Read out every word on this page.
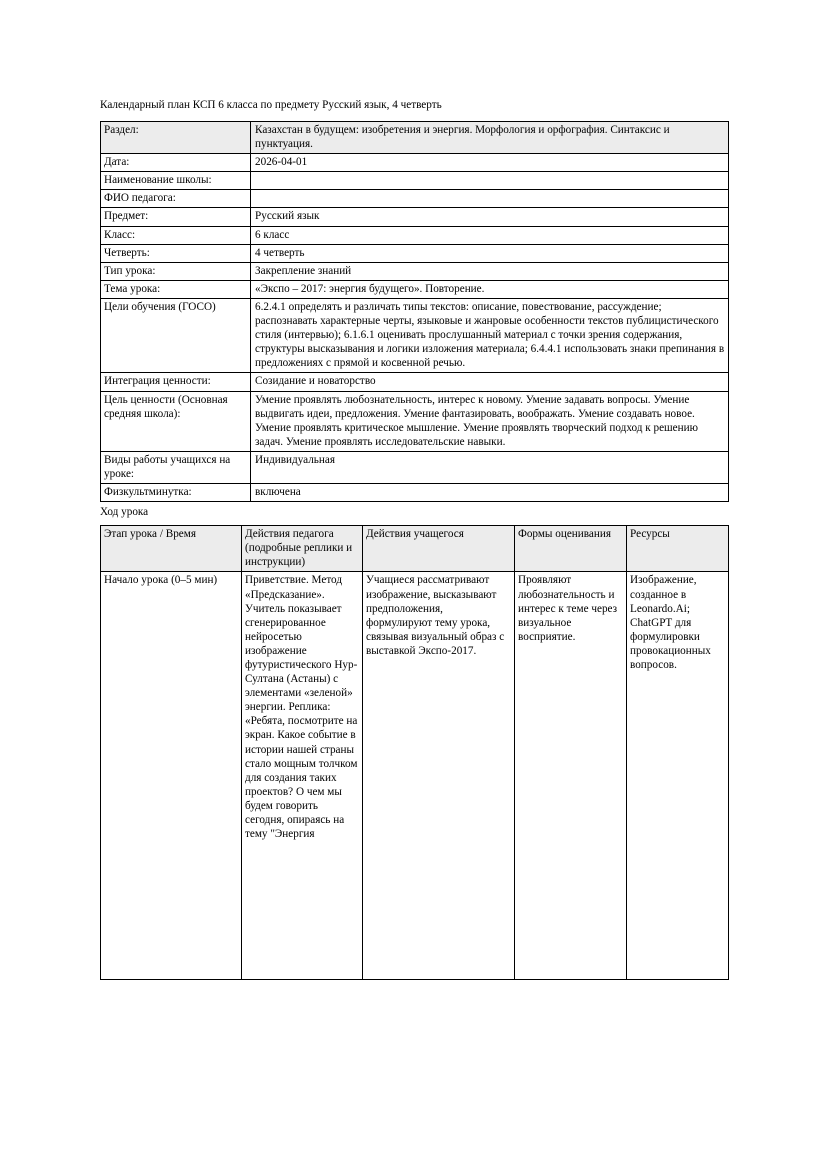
Календарный план КСП 6 класса по предмету Русский язык, 4 четверть
Раздел:	Казахстан в будущем: изобретения и энергия. Морфология и орфография. Синтаксис и пунктуация.
Дата:	2026-04-01
Наименование школы:	
ФИО педагога:	
Предмет:	Русский язык
Класс:	6 класс
Четверть:	4 четверть
Тип урока:	Закрепление знаний
Тема урока:	«Экспо – 2017: энергия будущего». Повторение.
Цели обучения (ГОСО)	6.2.4.1 определять и различать типы текстов: описание, повествование, рассуждение; распознавать характерные черты, языковые и жанровые особенности текстов публицистического стиля (интервью); 6.1.6.1 оценивать прослушанный материал с точки зрения содержания, структуры высказывания и логики изложения материала; 6.4.4.1 использовать знаки препинания в предложениях с прямой и косвенной речью.
Интеграция ценности:	Созидание и новаторство
Цель ценности (Основная средняя школа):	Умение проявлять любознательность, интерес к новому. Умение задавать вопросы. Умение выдвигать идеи, предложения. Умение фантазировать, воображать. Умение создавать новое. Умение проявлять критическое мышление. Умение проявлять творческий подход к решению задач. Умение проявлять исследовательские навыки.
Виды работы учащихся на уроке:	Индивидуальная
Физкультминутка:	включена
Ход урока
Этап урока / Время	Действия педагога (подробные реплики и инструкции)	Действия учащегося	Формы оценивания	Ресурсы
Начало урока (0–5 мин)	Приветствие. Метод «Предсказание». Учитель показывает сгенерированное нейросетью изображение футуристического Нур-Султана (Астаны) с элементами «зеленой» энергии. Реплика: «Ребята, посмотрите на экран. Какое событие в истории нашей страны стало мощным толчком для создания таких проектов? О чем мы будем говорить сегодня, опираясь на тему "Энергия	Учащиеся рассматривают изображение, высказывают предположения, формулируют тему урока, связывая визуальный образ с выставкой Экспо-2017.	Проявляют любознательность и интерес к теме через визуальное восприятие.	Изображение, созданное в Leonardo.Ai; ChatGPT для формулировки провокационных вопросов.
